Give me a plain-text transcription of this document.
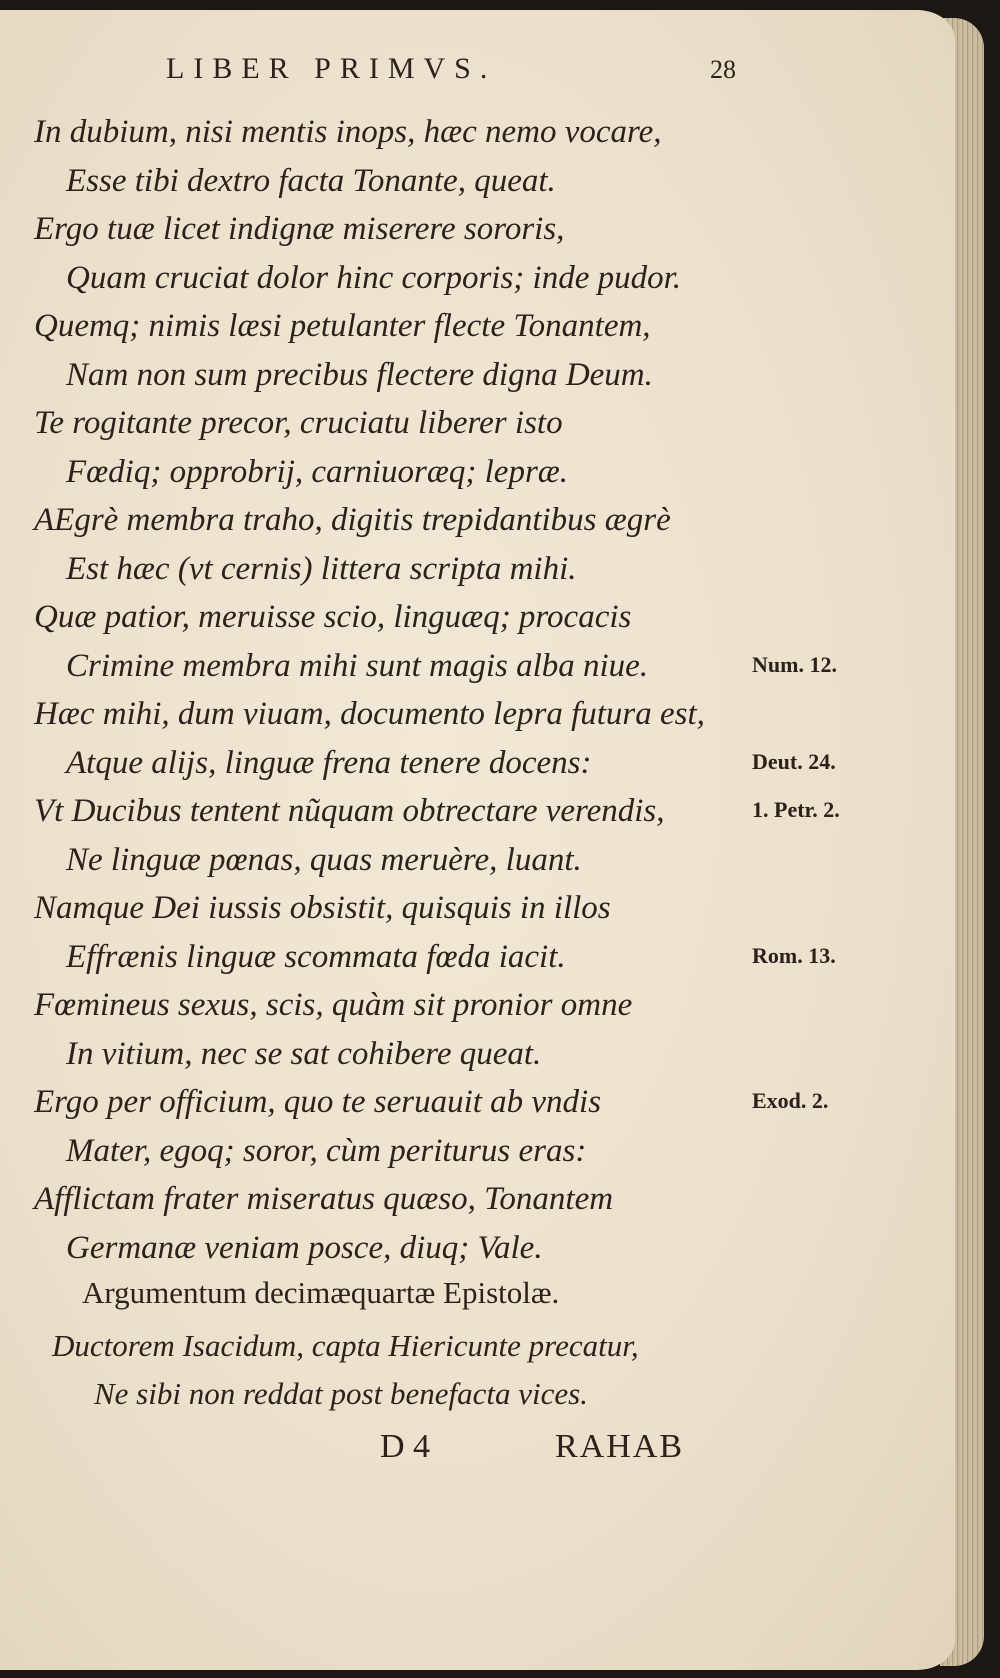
LIBER PRIMVS.	28
In dubium, nisi mentis inops, hæc nemo vocare,
Esse tibi dextro facta Tonante, queat.
Ergo tuæ licet indignæ miserere sororis,
Quam cruciat dolor hinc corporis; inde pudor.
Quemq; nimis læsi petulanter flecte Tonantem,
Nam non sum precibus flectere digna Deum.
Te rogitante precor, cruciatu liberer isto
Fœdiq; opprobrij, carniuoræq; lepræ.
AEgrè membra traho, digitis trepidantibus ægrè
Est hæc (vt cernis) littera scripta mihi.
Quæ patior, meruisse scio, linguæq; procacis
Crimine membra mihi sunt magis alba niue.
Hæc mihi, dum viuam, documento lepra futura est,
Atque alijs, linguæ frena tenere docens:
Vt Ducibus tentent nũquam obtrectare verendis,
Ne linguæ pœnas, quas meruère, luant.
Namque Dei iussis obsistit, quisquis in illos
Effrænis linguæ scommata fœda iacit.
Fœmineus sexus, scis, quàm sit pronior omne
In vitium, nec se sat cohibere queat.
Ergo per officium, quo te seruauit ab vndis
Mater, egoq; soror, cùm periturus eras:
Afflictam frater miseratus quæso, Tonantem
Germanæ veniam posce, diuq; Vale.
Num. 12.
Deut. 24.
1. Petr. 2.
Rom. 13.
Exod. 2.
Argumentum decimæquartæ Epistolæ.
Ductorem Isacidum, capta Hiericunte precatur,
Ne sibi non reddat post benefacta vices.
D 4	RAHAB
